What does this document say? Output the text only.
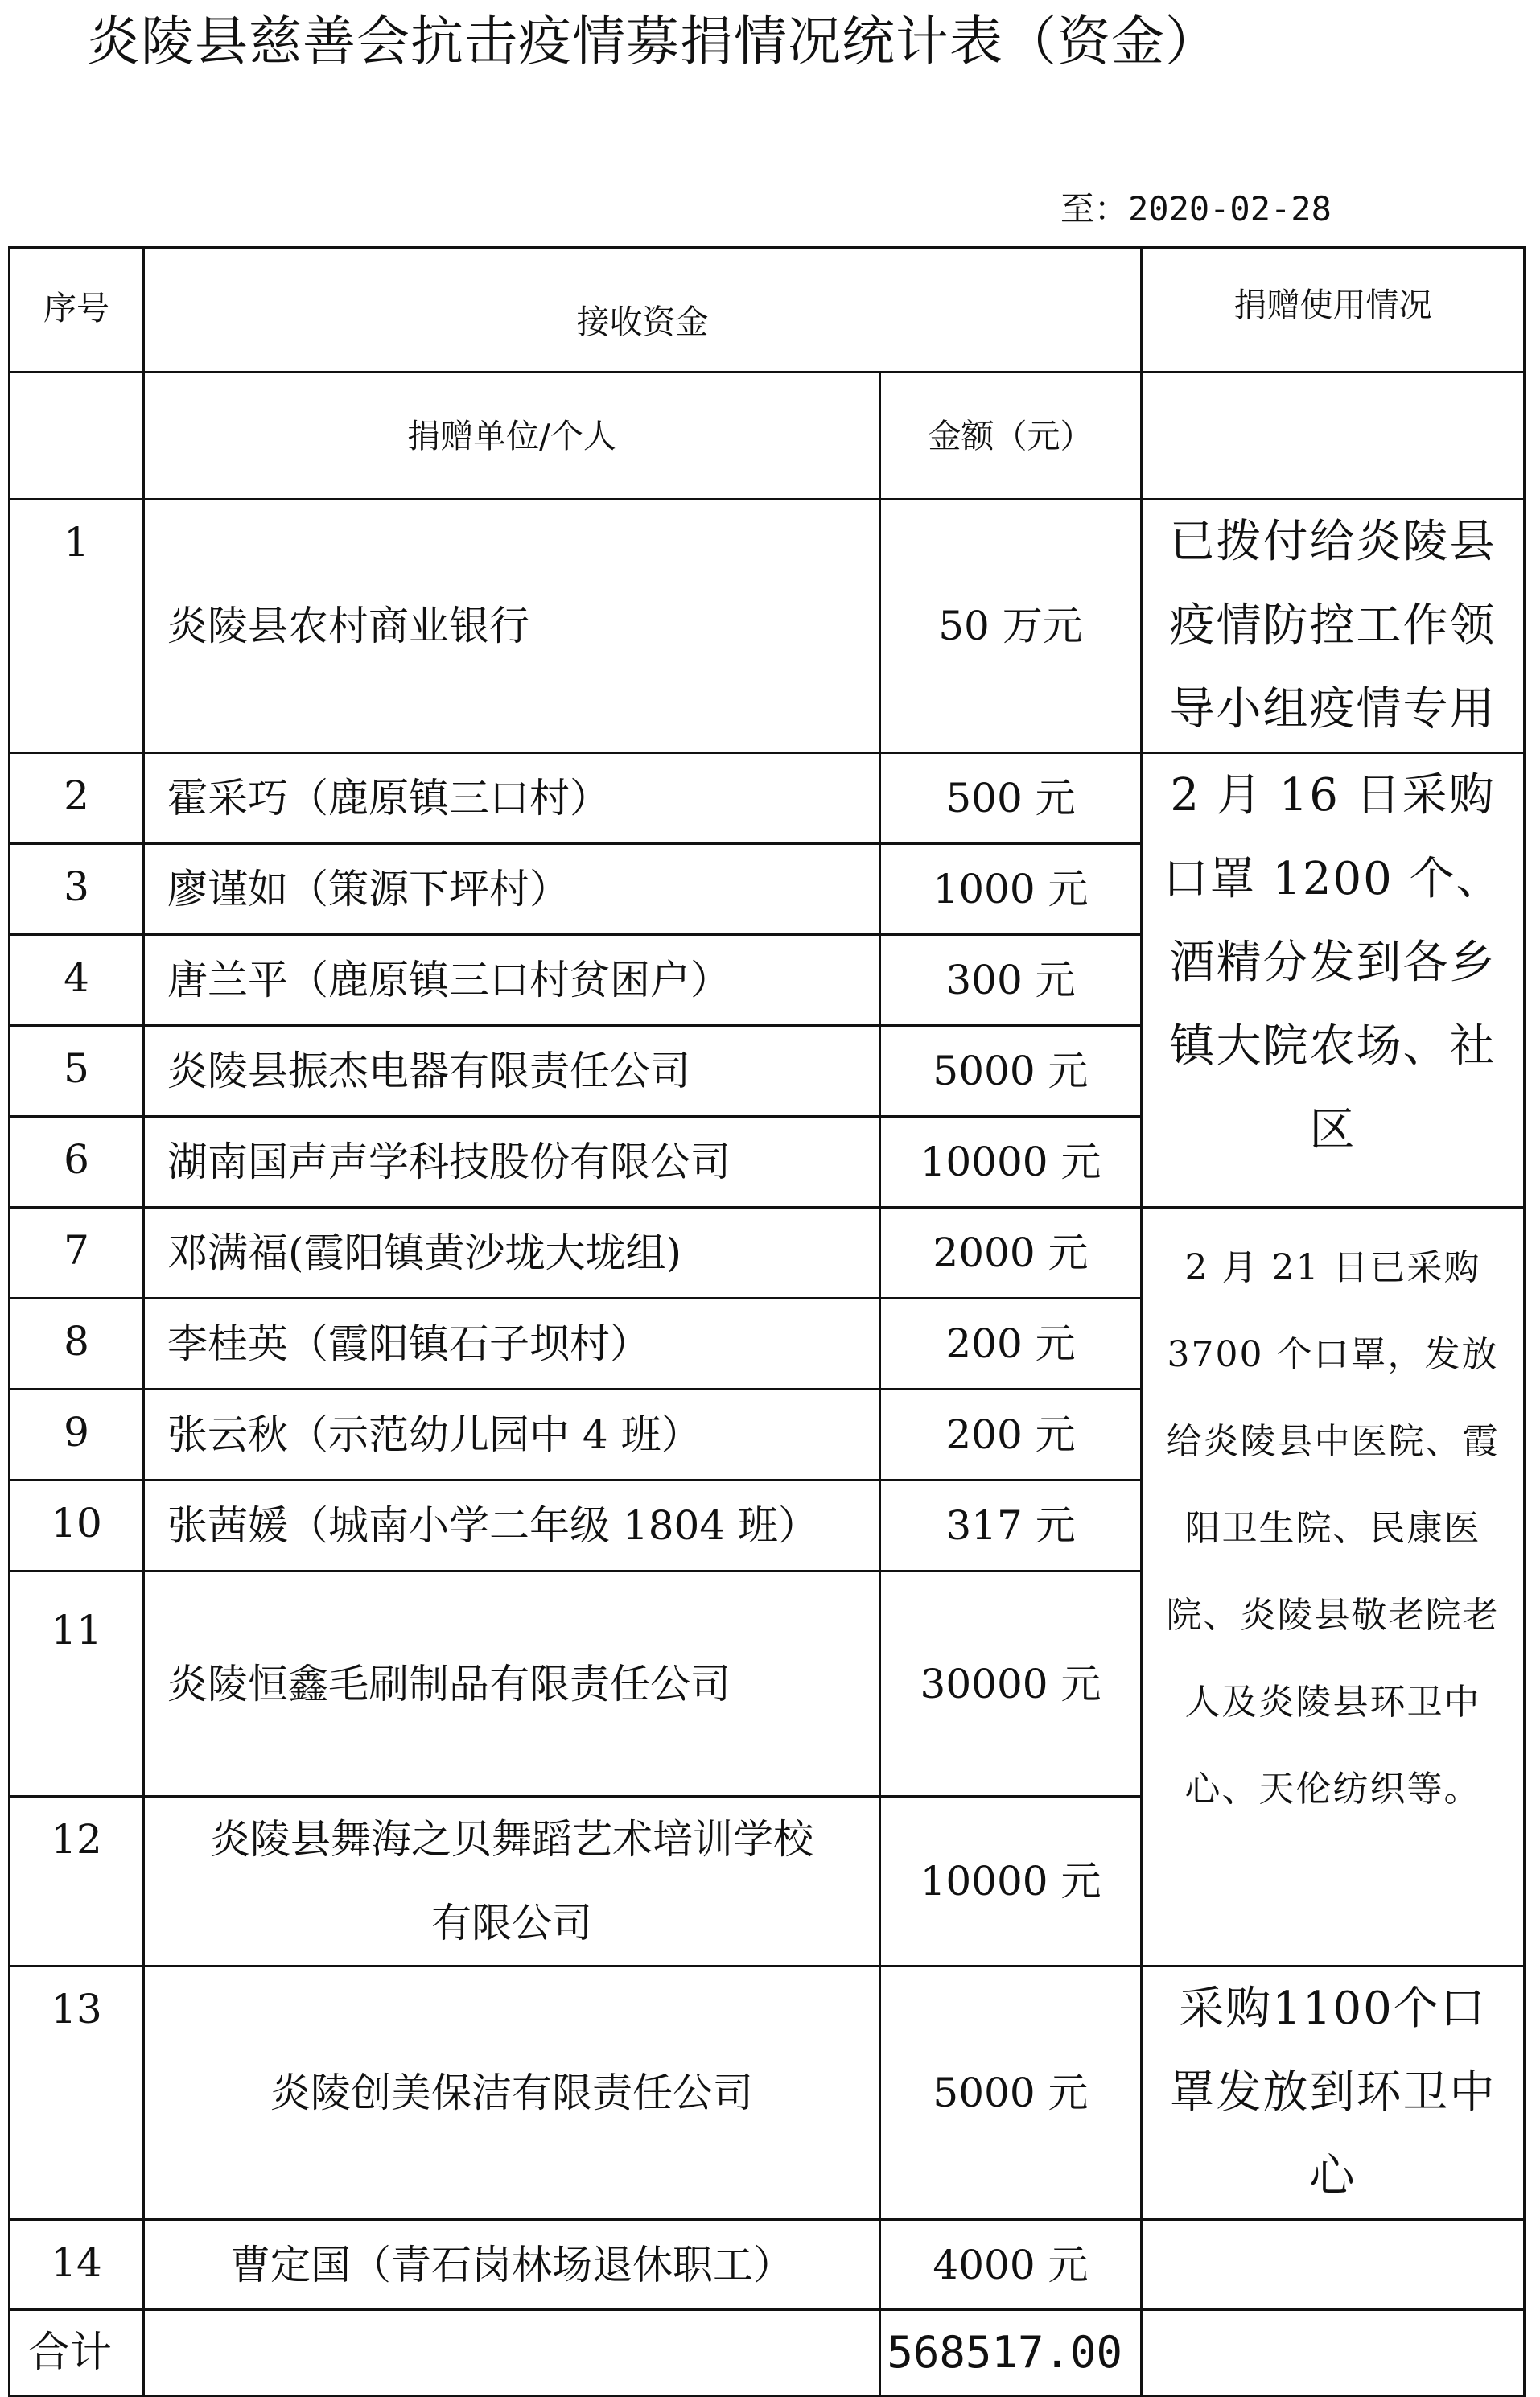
炎陵县慈善会抗击疫情募捐情况统计表（资金）
至：2020-02-28
序号	接收资金		捐赠使用情况
	捐赠单位/个人	金额（元）	
1	炎陵县农村商业银行	50 万元	已拨付给炎陵县疫情防控工作领导小组疫情专用
2	霍采巧（鹿原镇三口村）	500 元	2 月 16 日采购口罩 1200 个、酒精分发到各乡镇大院农场、社区
3	廖谨如（策源下坪村）	1000 元	
4	唐兰平（鹿原镇三口村贫困户）	300 元	
5	炎陵县振杰电器有限责任公司	5000 元	
6	湖南国声声学科技股份有限公司	10000 元	
7	邓满福(霞阳镇黄沙垅大垅组)	2000 元	2 月 21 日已采购 3700 个口罩，发放给炎陵县中医院、霞阳卫生院、民康医院、炎陵县敬老院老人及炎陵县环卫中心、天伦纺织等。
8	李桂英（霞阳镇石子坝村）	200 元	
9	张云秋（示范幼儿园中 4 班）	200 元	
10	张茜媛（城南小学二年级 1804 班）	317 元	
11	炎陵恒鑫毛刷制品有限责任公司	30000 元	
12	炎陵县舞海之贝舞蹈艺术培训学校有限公司	10000 元	
13	炎陵创美保洁有限责任公司	5000 元	采购1100个口罩发放到环卫中心
14	曹定国（青石岗林场退休职工）	4000 元	
合计		568517.00	
